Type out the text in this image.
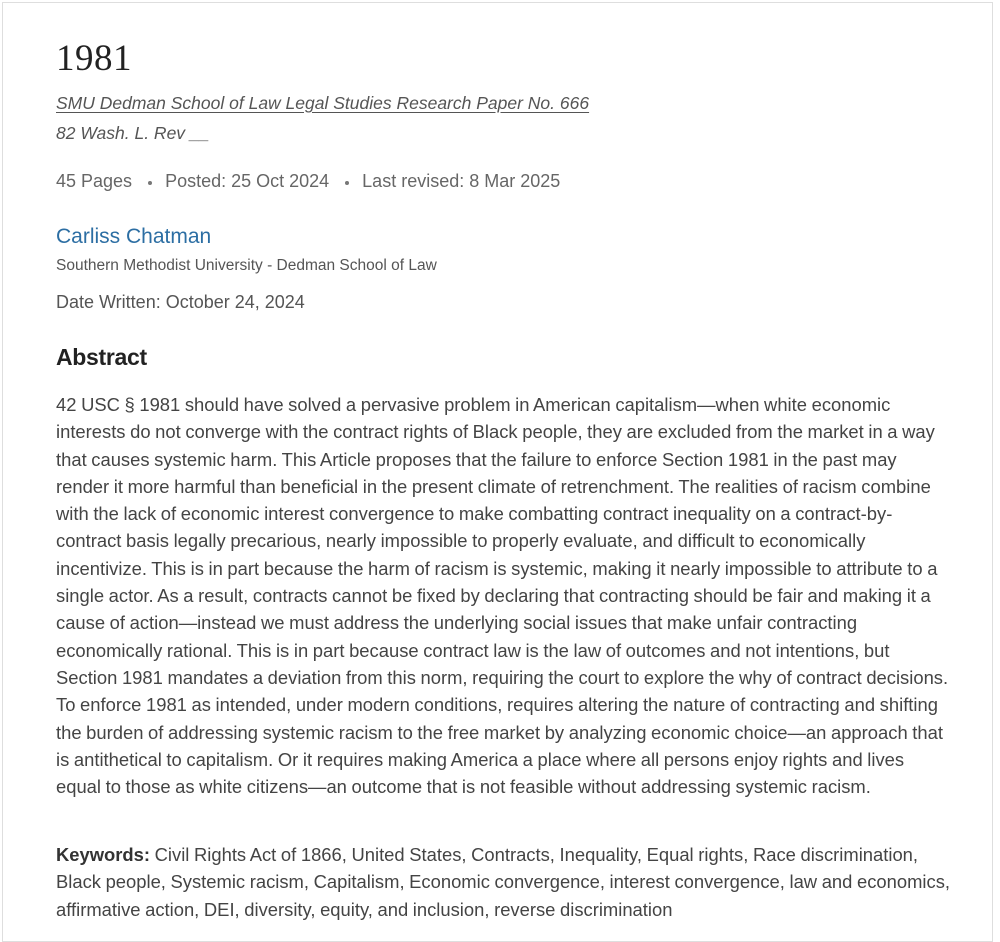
1981
SMU Dedman School of Law Legal Studies Research Paper No. 666
82 Wash. L. Rev __
45 Pages Posted: 25 Oct 2024 Last revised: 8 Mar 2025
Carliss Chatman
Southern Methodist University - Dedman School of Law
Date Written: October 24, 2024
Abstract

42 USC § 1981 should have solved a pervasive problem in American capitalism—when white economic interests do not converge with the contract rights of Black people, they are excluded from the market in a way that causes systemic harm. This Article proposes that the failure to enforce Section 1981 in the past may render it more harmful than beneficial in the present climate of retrenchment. The realities of racism combine with the lack of economic interest convergence to make combatting contract inequality on a contract-by-contract basis legally precarious, nearly impossible to properly evaluate, and difficult to economically incentivize. This is in part because the harm of racism is systemic, making it nearly impossible to attribute to a single actor. As a result, contracts cannot be fixed by declaring that contracting should be fair and making it a cause of action—instead we must address the underlying social issues that make unfair contracting economically rational. This is in part because contract law is the law of outcomes and not intentions, but Section 1981 mandates a deviation from this norm, requiring the court to explore the why of contract decisions. To enforce 1981 as intended, under modern conditions, requires altering the nature of contracting and shifting the burden of addressing systemic racism to the free market by analyzing economic choice—an approach that is antithetical to capitalism. Or it requires making America a place where all persons enjoy rights and lives equal to those as white citizens—an outcome that is not feasible without addressing systemic racism.

Keywords: Civil Rights Act of 1866, United States, Contracts, Inequality, Equal rights, Race discrimination, Black people, Systemic racism, Capitalism, Economic convergence, interest convergence, law and economics, affirmative action, DEI, diversity, equity, and inclusion, reverse discrimination
